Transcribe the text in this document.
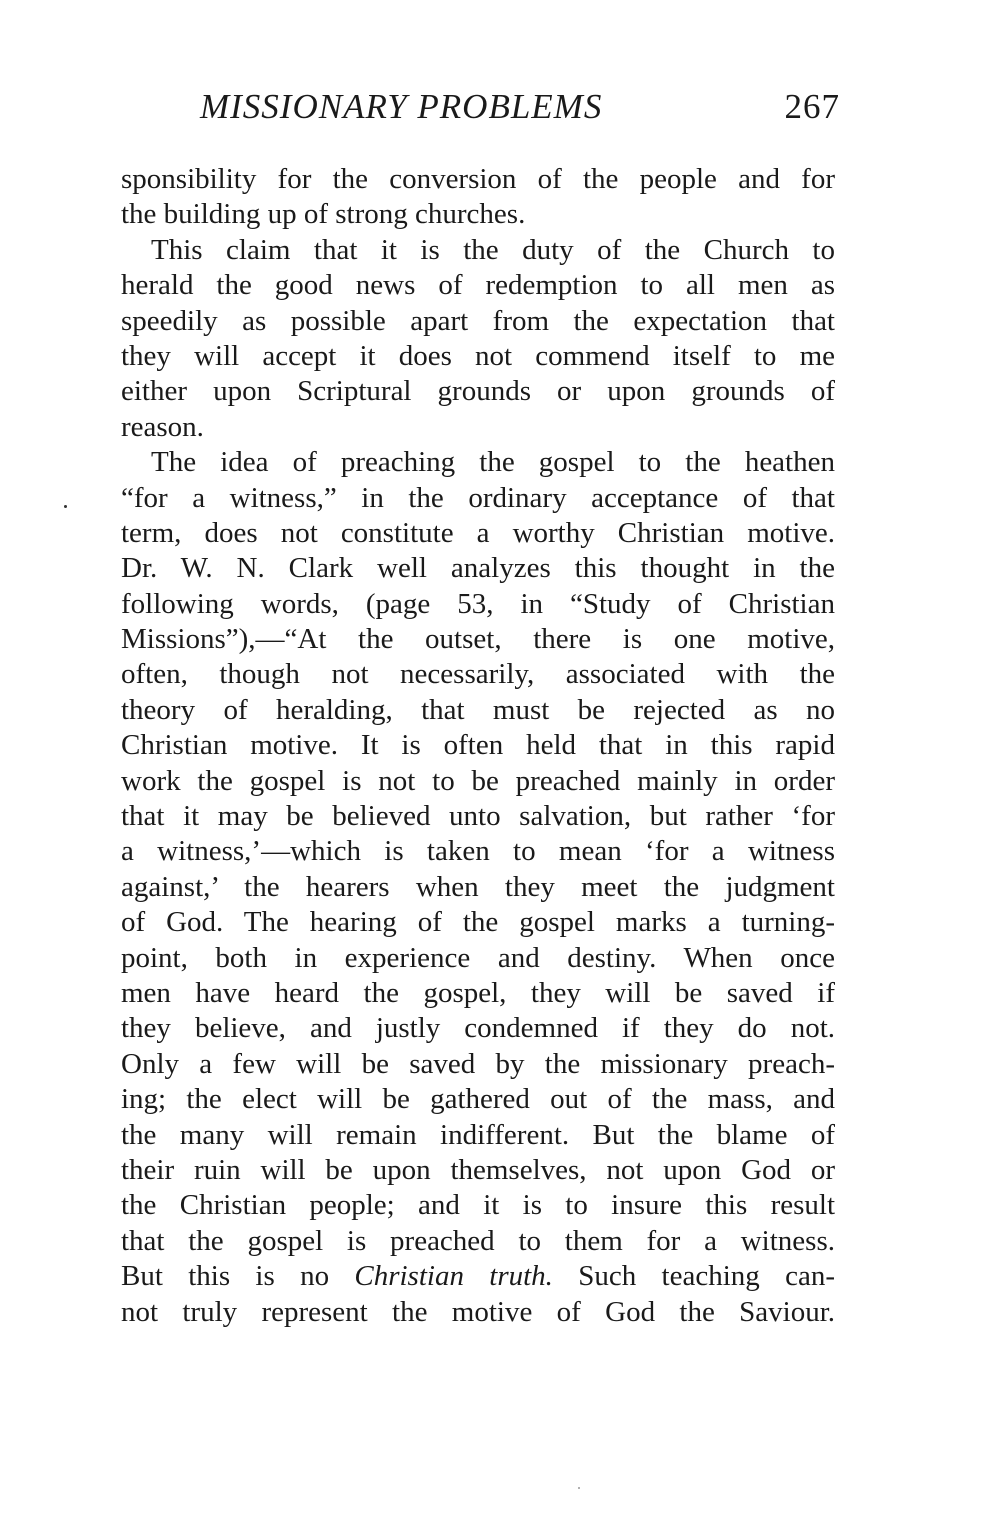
MISSIONARY PROBLEMS	267
sponsibility for the conversion of the people and for
the building up of strong churches.
This claim that it is the duty of the Church to
herald the good news of redemption to all men as
speedily as possible apart from the expectation that
they will accept it does not commend itself to me
either upon Scriptural grounds or upon grounds of
reason.
The idea of preaching the gospel to the heathen
“for a witness,” in the ordinary acceptance of that
term, does not constitute a worthy Christian motive.
Dr. W. N. Clark well analyzes this thought in the
following words, (page 53, in “Study of Christian
Missions”),—“At the outset, there is one motive,
often, though not necessarily, associated with the
theory of heralding, that must be rejected as no
Christian motive. It is often held that in this rapid
work the gospel is not to be preached mainly in order
that it may be believed unto salvation, but rather ‘for
a witness,’—which is taken to mean ‘for a witness
against,’ the hearers when they meet the judgment
of God. The hearing of the gospel marks a turning-
point, both in experience and destiny. When once
men have heard the gospel, they will be saved if
they believe, and justly condemned if they do not.
Only a few will be saved by the missionary preach-
ing; the elect will be gathered out of the mass, and
the many will remain indifferent. But the blame of
their ruin will be upon themselves, not upon God or
the Christian people; and it is to insure this result
that the gospel is preached to them for a witness.
But this is no Christian truth. Such teaching can-
not truly represent the motive of God the Saviour.
